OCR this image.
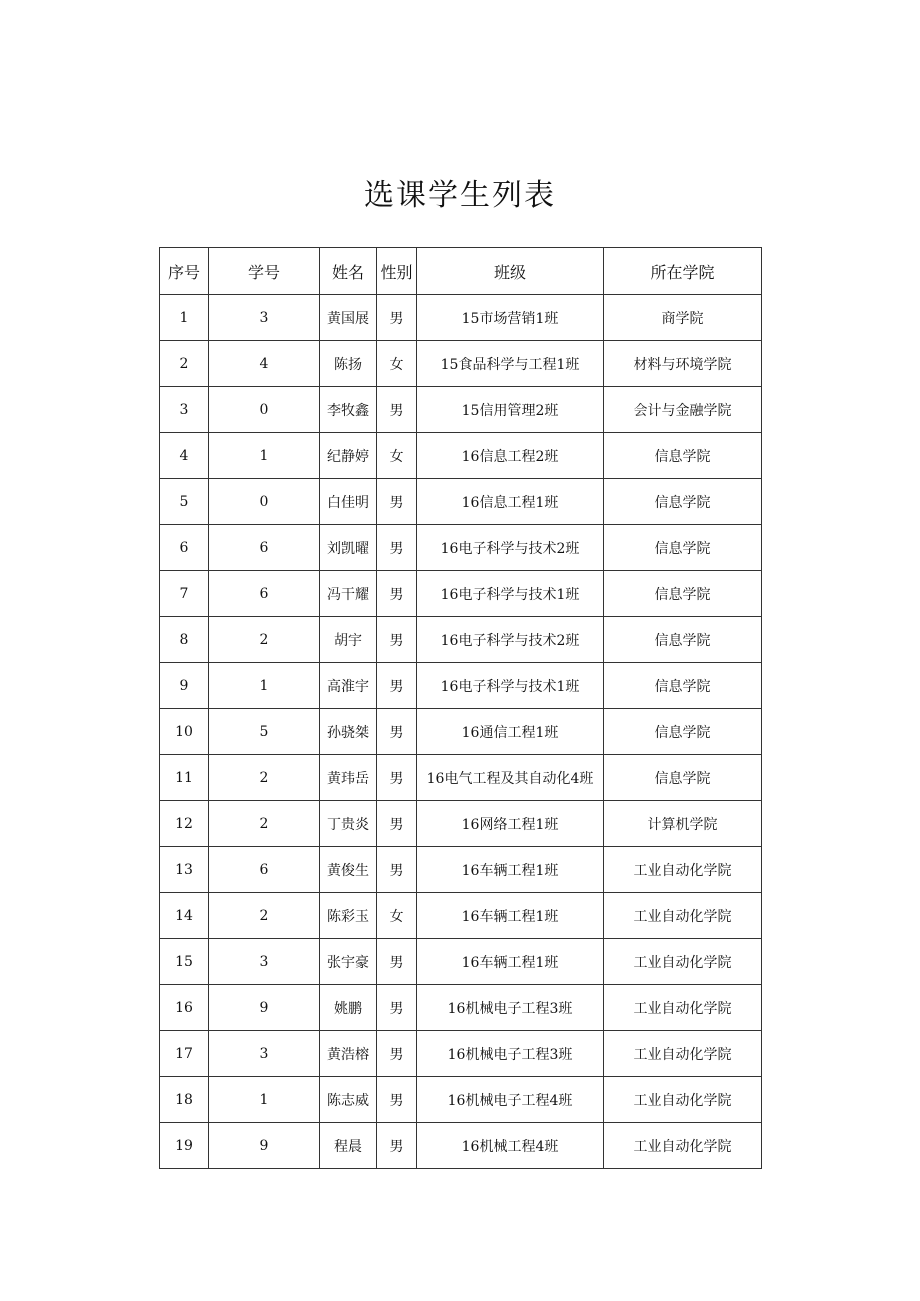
选课学生列表
序号	学号	姓名	性别	班级	所在学院
1	3	黄国展	男	15市场营销1班	商学院
2	4	陈扬	女	15食品科学与工程1班	材料与环境学院
3	0	李牧鑫	男	15信用管理2班	会计与金融学院
4	1	纪静婷	女	16信息工程2班	信息学院
5	0	白佳明	男	16信息工程1班	信息学院
6	6	刘凯曜	男	16电子科学与技术2班	信息学院
7	6	冯干耀	男	16电子科学与技术1班	信息学院
8	2	胡宇	男	16电子科学与技术2班	信息学院
9	1	高淮宇	男	16电子科学与技术1班	信息学院
10	5	孙骁桀	男	16通信工程1班	信息学院
11	2	黄玮岳	男	16电气工程及其自动化4班	信息学院
12	2	丁贵炎	男	16网络工程1班	计算机学院
13	6	黄俊生	男	16车辆工程1班	工业自动化学院
14	2	陈彩玉	女	16车辆工程1班	工业自动化学院
15	3	张宇豪	男	16车辆工程1班	工业自动化学院
16	9	姚鹏	男	16机械电子工程3班	工业自动化学院
17	3	黄浩榕	男	16机械电子工程3班	工业自动化学院
18	1	陈志威	男	16机械电子工程4班	工业自动化学院
19	9	程晨	男	16机械工程4班	工业自动化学院
